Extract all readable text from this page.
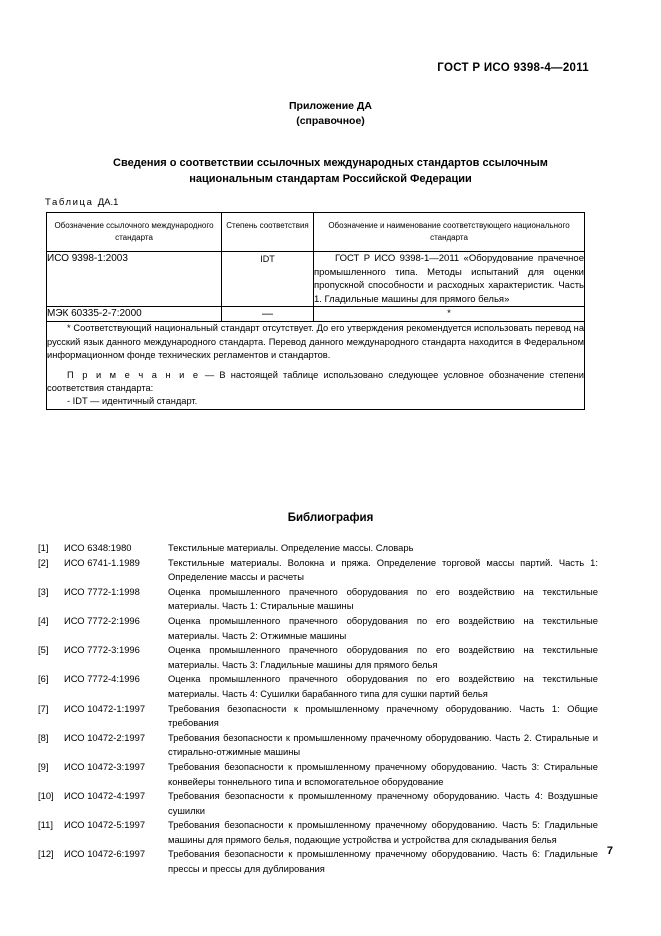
ГОСТ Р ИСО 9398-4—2011
Приложение ДА
(справочное)
Сведения о соответствии ссылочных международных стандартов ссылочным
национальным стандартам Российской Федерации
Таблица ДА.1
Обозначение ссылочного международного стандарта	Степень соответствия	Обозначение и наименование соответствующего национального стандарта
ИСО 9398-1:2003	IDT	ГОСТ Р ИСО 9398-1—2011 «Оборудование прачечное промышленного типа. Методы испытаний для оценки пропускной способности и расходных характеристик. Часть 1. Гладильные машины для прямого белья»
МЭК 60335-2-7:2000	—	*

* Соответствующий национальный стандарт отсутствует. До его утверждения рекомендуется использовать перевод на русский язык данного международного стандарта. Перевод данного международного стандарта находится в Федеральном информационном фонде технических регламентов и стандартов.

П р и м е ч а н и е — В настоящей таблице использовано следующее условное обозначение степени соответствия стандарта:

- IDT — идентичный стандарт.		

Библиография
[1]	ИСО 6348:1980	Текстильные материалы. Определение массы. Словарь
[2]	ИСО 6741-1.1989	Текстильные материалы. Волокна и пряжа. Определение торговой массы партий. Часть 1: Определение массы и расчеты
[3]	ИСО 7772-1:1998	Оценка промышленного прачечного оборудования по его воздействию на текстильные материалы. Часть 1: Стиральные машины
[4]	ИСО 7772-2:1996	Оценка промышленного прачечного оборудования по его воздействию на текстильные материалы. Часть 2: Отжимные машины
[5]	ИСО 7772-3:1996	Оценка промышленного прачечного оборудования по его воздействию на текстильные материалы. Часть 3: Гладильные машины для прямого белья
[6]	ИСО 7772-4:1996	Оценка промышленного прачечного оборудования по его воздействию на текстильные материалы. Часть 4: Сушилки барабанного типа для сушки партий белья
[7]	ИСО 10472-1:1997	Требования безопасности к промышленному прачечному оборудованию. Часть 1: Общие требования
[8]	ИСО 10472-2:1997	Требования безопасности к промышленному прачечному оборудованию. Часть 2. Стиральные и стирально-отжимные машины
[9]	ИСО 10472-3:1997	Требования безопасности к промышленному прачечному оборудованию. Часть 3: Стиральные конвейеры тоннельного типа и вспомогательное оборудование
[10]	ИСО 10472-4:1997	Требования безопасности к промышленному прачечному оборудованию. Часть 4: Воздушные сушилки
[11]	ИСО 10472-5:1997	Требования безопасности к промышленному прачечному оборудованию. Часть 5: Гладильные машины для прямого белья, подающие устройства и устройства для складывания белья
[12]	ИСО 10472-6:1997	Требования безопасности к промышленному прачечному оборудованию. Часть 6: Гладильные прессы и прессы для дублирования
7
